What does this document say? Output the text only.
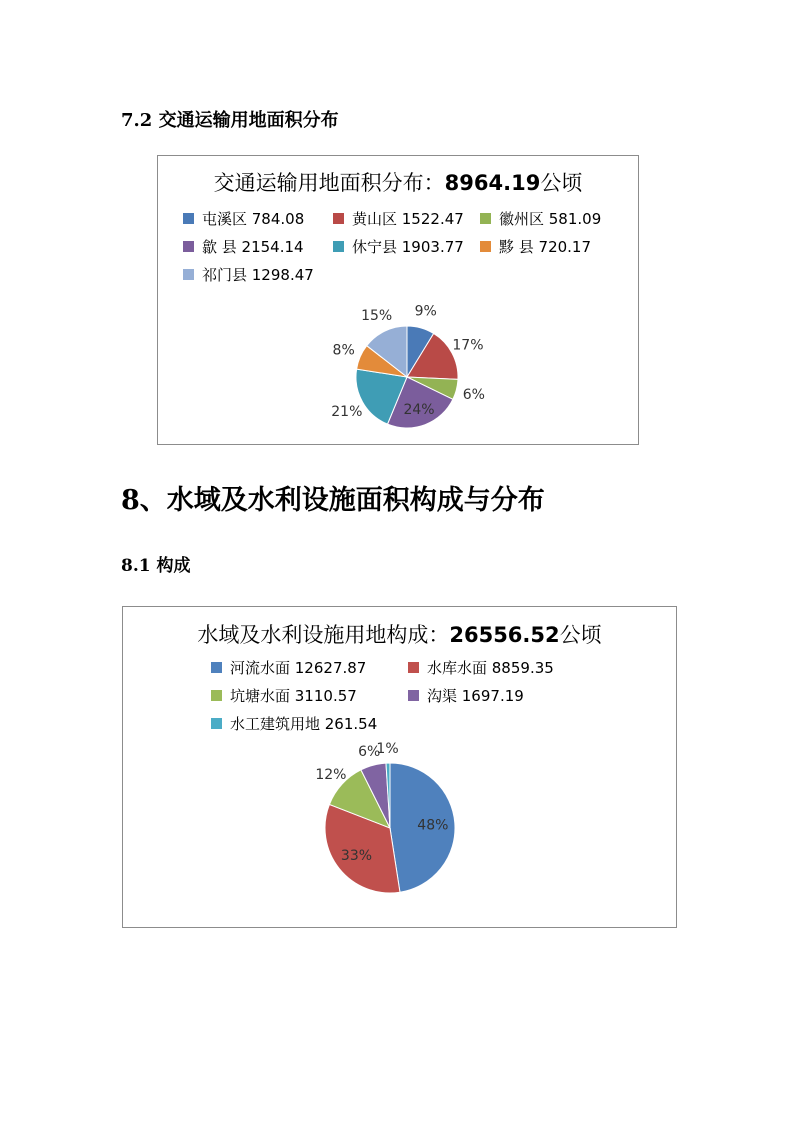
7.2 交通运输用地面积分布
交通运输用地面积分布：8964.19公顷
屯溪区 784.08	黄山区 1522.47 徽州区 581.09
歙 县 2154.14	休宁县 1903.77 黟 县 720.17
祁门县 1298.47
9%
17%
6%
24%
21%
8%
15%
8、水域及水利设施面积构成与分布
8.1 构成
水域及水利设施用地构成：26556.52公顷
河流水面 12627.87	水库水面 8859.35
坑塘水面 3110.57	沟渠 1697.19
水工建筑用地 261.54
48%
33%
12%
6%
1%
